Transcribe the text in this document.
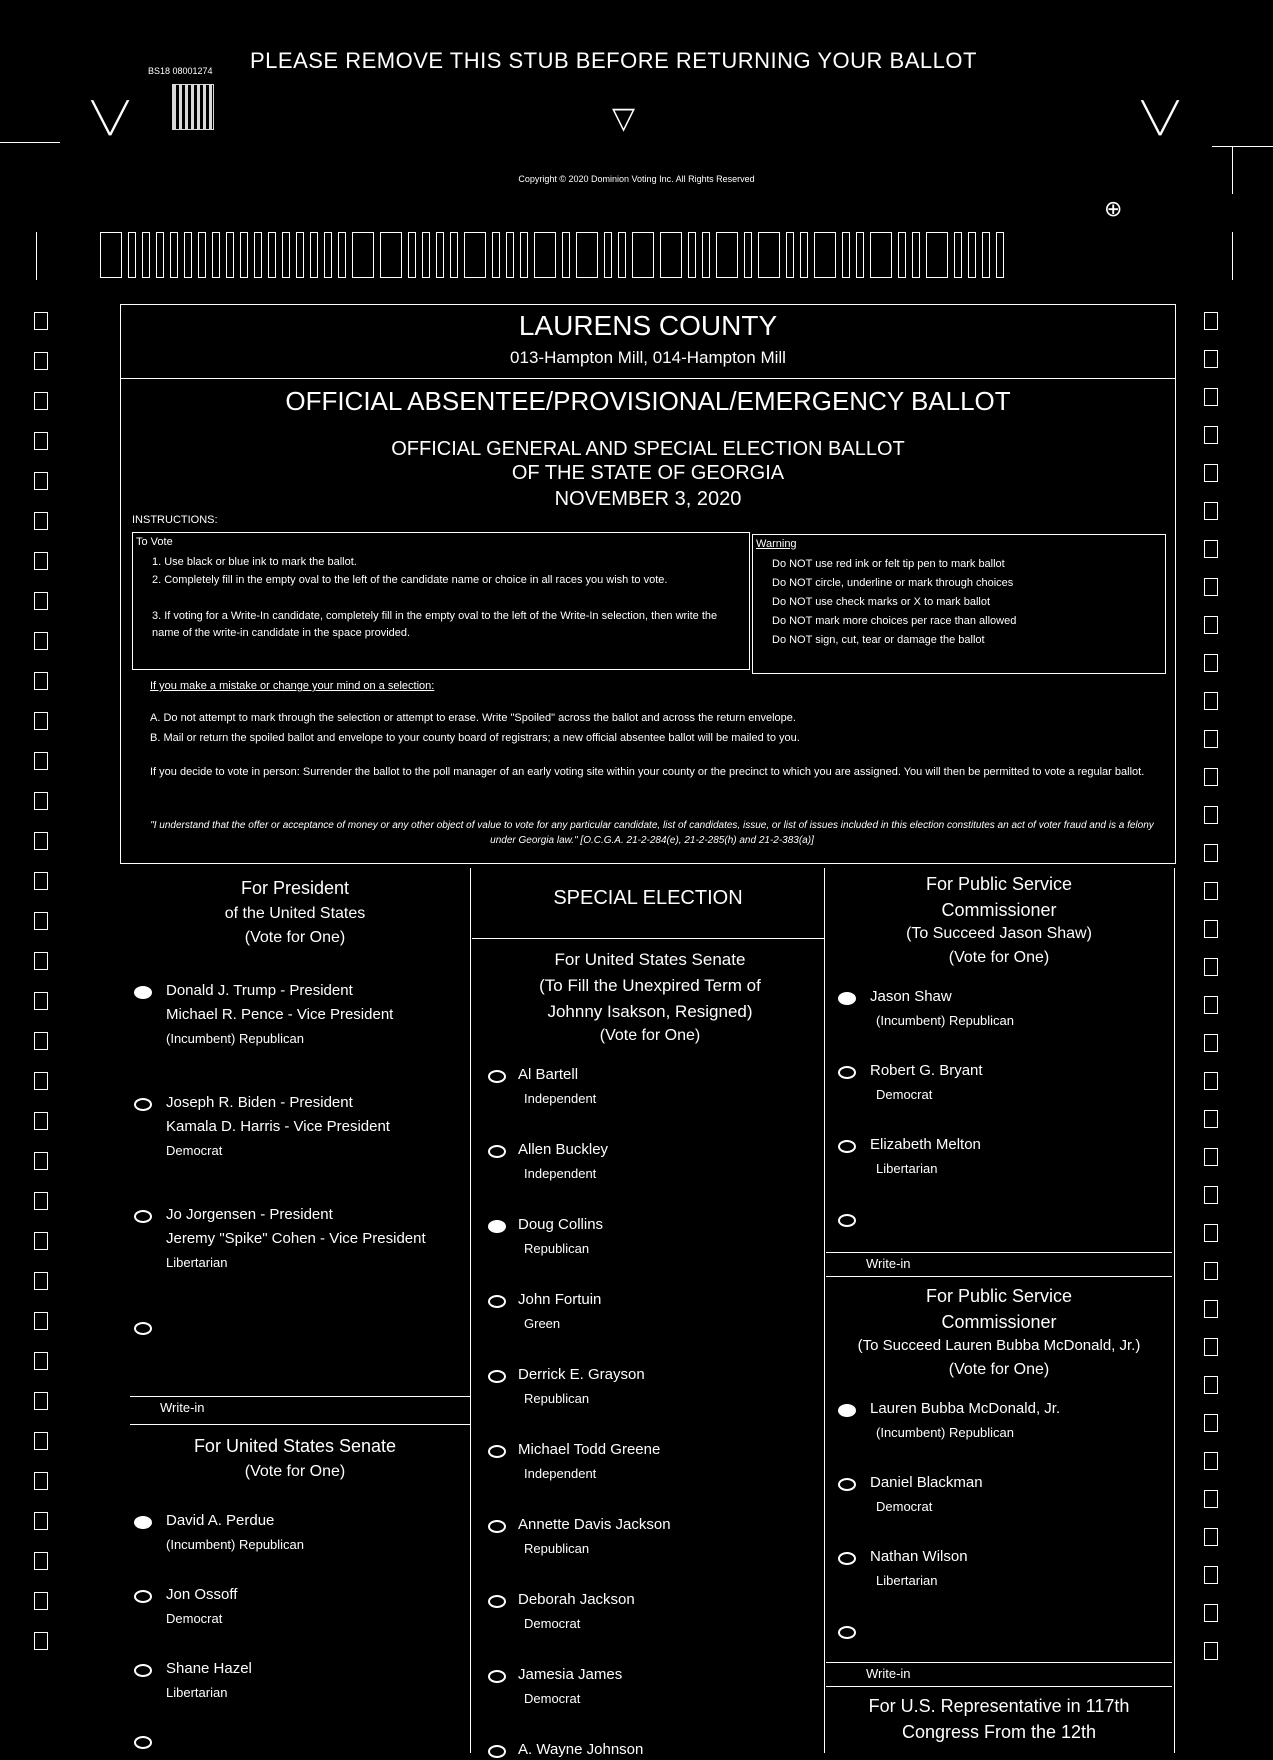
BS18 08001274 PLEASE REMOVE THIS STUB BEFORE RETURNING YOUR BALLOT
╲╱	▽	╲╱
Copyright © 2020 Dominion Voting Inc. All Rights Reserved
⊕
LAURENS COUNTY
013-Hampton Mill, 014-Hampton Mill
OFFICIAL ABSENTEE/PROVISIONAL/EMERGENCY BALLOT
OFFICIAL GENERAL AND SPECIAL ELECTION BALLOT
OF THE STATE OF GEORGIA
NOVEMBER 3, 2020
INSTRUCTIONS:
To Vote
1. Use black or blue ink to mark the ballot.
2. Completely fill in the empty oval to the left of the candidate name or choice in all races you wish to vote.
3. If voting for a Write-In candidate, completely fill in the empty oval to the left of the Write-In selection, then write the name of the write-in candidate in the space provided.
Warning
Do NOT use red ink or felt tip pen to mark ballot
Do NOT circle, underline or mark through choices
Do NOT use check marks or X to mark ballot
Do NOT mark more choices per race than allowed
Do NOT sign, cut, tear or damage the ballot
If you make a mistake or change your mind on a selection:
A. Do not attempt to mark through the selection or attempt to erase. Write "Spoiled" across the ballot and across the return envelope.
B. Mail or return the spoiled ballot and envelope to your county board of registrars; a new official absentee ballot will be mailed to you.
If you decide to vote in person: Surrender the ballot to the poll manager of an early voting site within your county or the precinct to which you are assigned. You will then be permitted to vote a regular ballot.
"I understand that the offer or acceptance of money or any other object of value to vote for any particular candidate, list of candidates, issue, or list of issues included in this election constitutes an act of voter fraud and is a felony under Georgia law." [O.C.G.A. 21-2-284(e), 21-2-285(h) and 21-2-383(a)]
For President
of the United States
(Vote for One)
Donald J. Trump - President
Michael R. Pence - Vice President
(Incumbent) Republican
Joseph R. Biden - President
Kamala D. Harris - Vice President
Democrat
Jo Jorgensen - President
Jeremy "Spike" Cohen - Vice President
Libertarian
Write-in
For United States Senate
(Vote for One)
David A. Perdue
(Incumbent) Republican
Jon Ossoff
Democrat
Shane Hazel
Libertarian
SPECIAL ELECTION
For United States Senate
(To Fill the Unexpired Term of
Johnny Isakson, Resigned)
(Vote for One)
Al Bartell
Independent
Allen Buckley
Independent
Doug Collins
Republican
John Fortuin
Green
Derrick E. Grayson
Republican
Michael Todd Greene
Independent
Annette Davis Jackson
Republican
Deborah Jackson
Democrat
Jamesia James
Democrat
A. Wayne Johnson
For Public Service
Commissioner
(To Succeed Jason Shaw)
(Vote for One)
Jason Shaw
(Incumbent) Republican
Robert G. Bryant
Democrat
Elizabeth Melton
Libertarian
Write-in
For Public Service
Commissioner
(To Succeed Lauren Bubba McDonald, Jr.)
(Vote for One)
Lauren Bubba McDonald, Jr.
(Incumbent) Republican
Daniel Blackman
Democrat
Nathan Wilson
Libertarian
Write-in
For U.S. Representative in 117th
Congress From the 12th
